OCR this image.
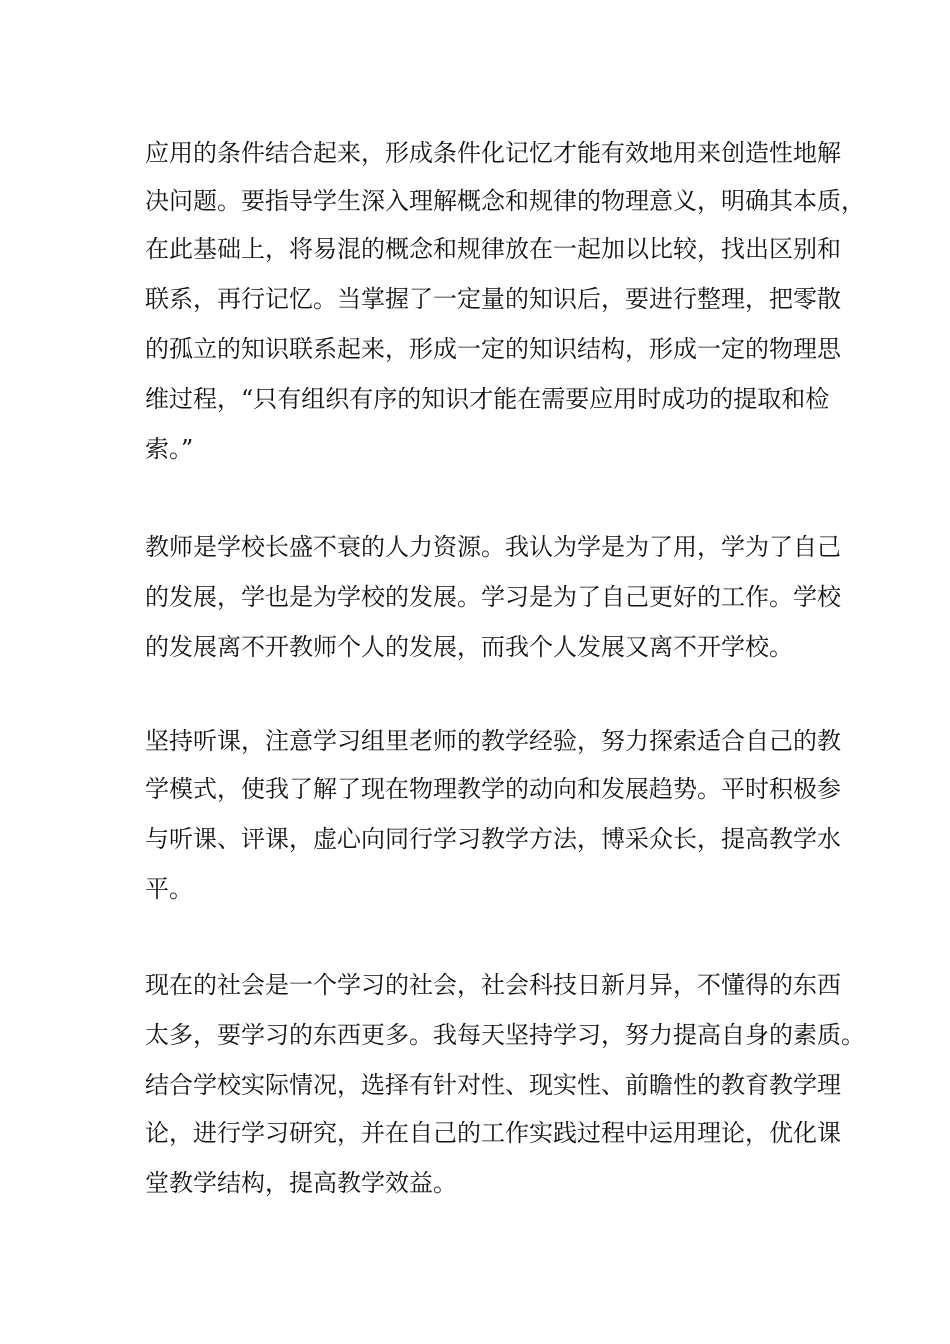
应用的条件结合起来，形成条件化记忆才能有效地用来创造性地解

决问题。要指导学生深入理解概念和规律的物理意义，明确其本质，

在此基础上，将易混的概念和规律放在一起加以比较，找出区别和

联系，再行记忆。当掌握了一定量的知识后，要进行整理，把零散

的孤立的知识联系起来，形成一定的知识结构，形成一定的物理思

维过程，“只有组织有序的知识才能在需要应用时成功的提取和检

索。”

教师是学校长盛不衰的人力资源。我认为学是为了用，学为了自己

的发展，学也是为学校的发展。学习是为了自己更好的工作。学校

的发展离不开教师个人的发展，而我个人发展又离不开学校。

坚持听课，注意学习组里老师的教学经验，努力探索适合自己的教

学模式，使我了解了现在物理教学的动向和发展趋势。平时积极参

与听课、评课，虚心向同行学习教学方法，博采众长，提高教学水

平。

现在的社会是一个学习的社会，社会科技日新月异，不懂得的东西

太多，要学习的东西更多。我每天坚持学习，努力提高自身的素质。

结合学校实际情况，选择有针对性、现实性、前瞻性的教育教学理

论，进行学习研究，并在自己的工作实践过程中运用理论，优化课

堂教学结构，提高教学效益。
